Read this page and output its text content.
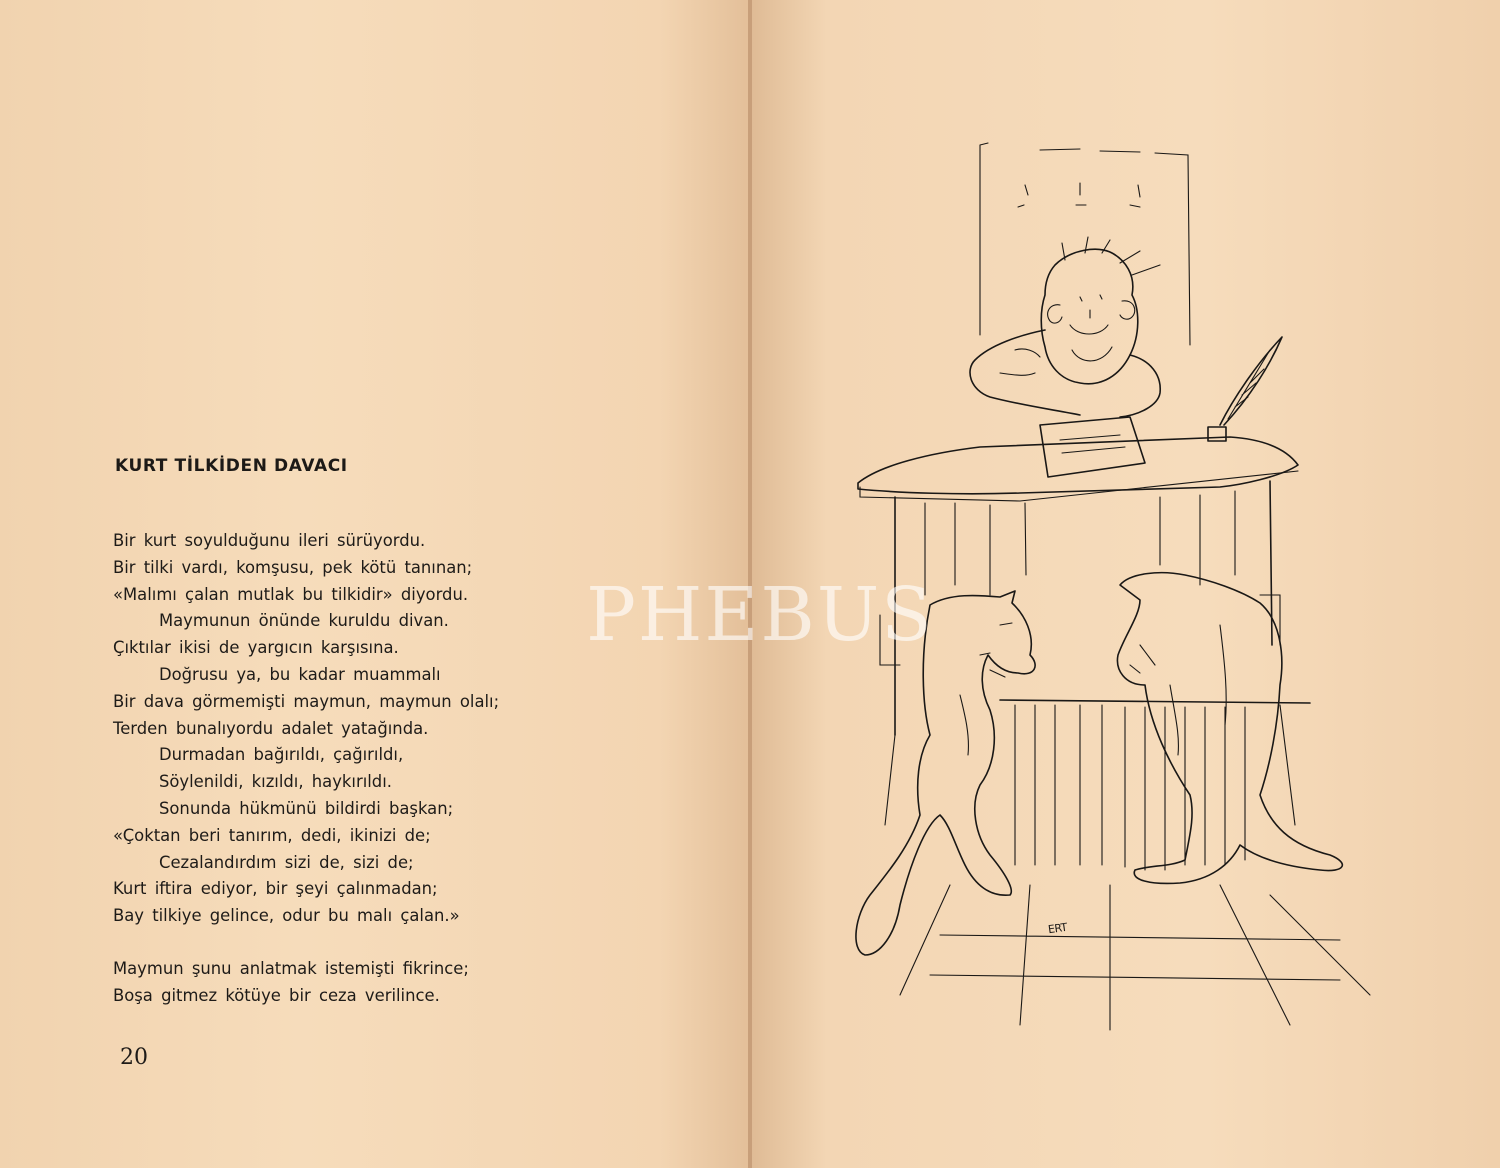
KURT TİLKİDEN DAVACI
Bir kurt soyulduğunu ileri sürüyordu.
Bir tilki vardı, komşusu, pek kötü tanınan;
«Malımı çalan mutlak bu tilkidir» diyordu.
Maymunun önünde kuruldu divan.
Çıktılar ikisi de yargıcın karşısına.
Doğrusu ya, bu kadar muammalı
Bir dava görmemişti maymun, maymun olalı;
Terden bunalıyordu adalet yatağında.
Durmadan bağırıldı, çağırıldı,
Söylenildi, kızıldı, haykırıldı.
Sonunda hükmünü bildirdi başkan;
«Çoktan beri tanırım, dedi, ikinizi de;
Cezalandırdım sizi de, sizi de;
Kurt iftira ediyor, bir şeyi çalınmadan;
Bay tilkiye gelince, odur bu malı çalan.»
Maymun şunu anlatmak istemişti fikrince;
Boşa gitmez kötüye bir ceza verilince.
20
ERT
PHEBUS
